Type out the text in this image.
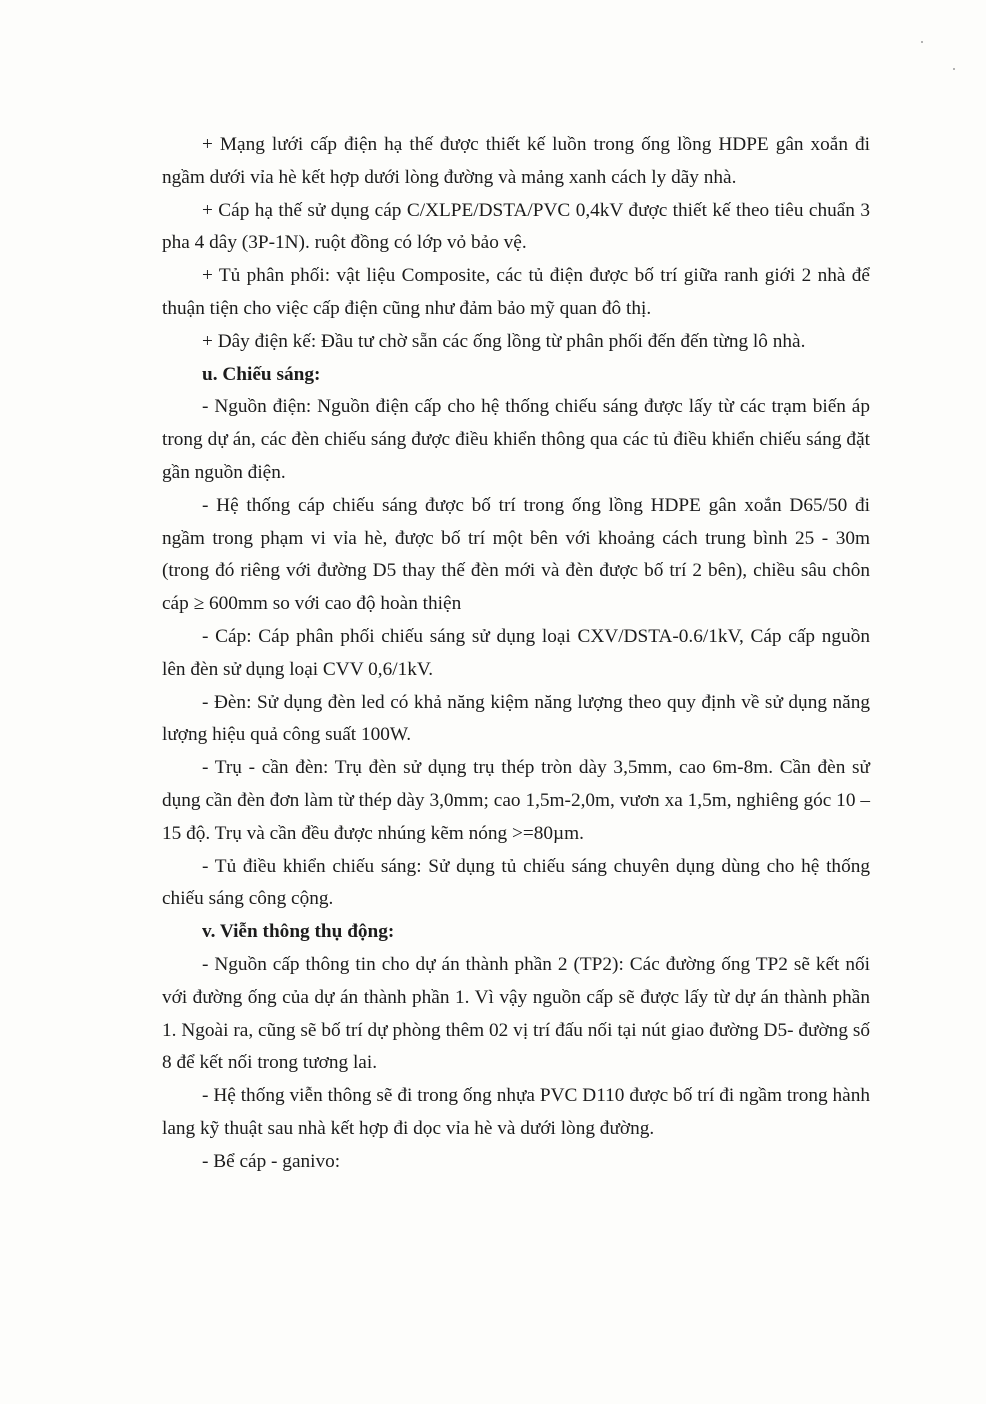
+ Mạng lưới cấp điện hạ thế được thiết kế luồn trong ống lồng HDPE gân xoắn đi ngầm dưới vỉa hè kết hợp dưới lòng đường và mảng xanh cách ly dãy nhà.

+ Cáp hạ thế sử dụng cáp C/XLPE/DSTA/PVC 0,4kV được thiết kế theo tiêu chuẩn 3 pha 4 dây (3P-1N). ruột đồng có lớp vỏ bảo vệ.

+ Tủ phân phối: vật liệu Composite, các tủ điện được bố trí giữa ranh giới 2 nhà để thuận tiện cho việc cấp điện cũng như đảm bảo mỹ quan đô thị.

+ Dây điện kế: Đầu tư chờ sẵn các ống lồng từ phân phối đến đến từng lô nhà.

u. Chiếu sáng:

- Nguồn điện: Nguồn điện cấp cho hệ thống chiếu sáng được lấy từ các trạm biến áp trong dự án, các đèn chiếu sáng được điều khiển thông qua các tủ điều khiển chiếu sáng đặt gần nguồn điện.

- Hệ thống cáp chiếu sáng được bố trí trong ống lồng HDPE gân xoắn D65/50 đi ngầm trong phạm vi vỉa hè, được bố trí một bên với khoảng cách trung bình 25 - 30m (trong đó riêng với đường D5 thay thế đèn mới và đèn được bố trí 2 bên), chiều sâu chôn cáp ≥ 600mm so với cao độ hoàn thiện

- Cáp: Cáp phân phối chiếu sáng sử dụng loại CXV/DSTA-0.6/1kV, Cáp cấp nguồn lên đèn sử dụng loại CVV 0,6/1kV.

- Đèn: Sử dụng đèn led có khả năng kiệm năng lượng theo quy định về sử dụng năng lượng hiệu quả công suất 100W.

- Trụ - cần đèn: Trụ đèn sử dụng trụ thép tròn dày 3,5mm, cao 6m-8m. Cần đèn sử dụng cần đèn đơn làm từ thép dày 3,0mm; cao 1,5m-2,0m, vươn xa 1,5m, nghiêng góc 10 – 15 độ. Trụ và cần đều được nhúng kẽm nóng >=80µm.

- Tủ điều khiển chiếu sáng: Sử dụng tủ chiếu sáng chuyên dụng dùng cho hệ thống chiếu sáng công cộng.

v. Viễn thông thụ động:

- Nguồn cấp thông tin cho dự án thành phần 2 (TP2): Các đường ống TP2 sẽ kết nối với đường ống của dự án thành phần 1. Vì vậy nguồn cấp sẽ được lấy từ dự án thành phần 1. Ngoài ra, cũng sẽ bố trí dự phòng thêm 02 vị trí đấu nối tại nút giao đường D5- đường số 8 để kết nối trong tương lai.

- Hệ thống viễn thông sẽ đi trong ống nhựa PVC D110 được bố trí đi ngầm trong hành lang kỹ thuật sau nhà kết hợp đi dọc vỉa hè và dưới lòng đường.

- Bể cáp - ganivo:
